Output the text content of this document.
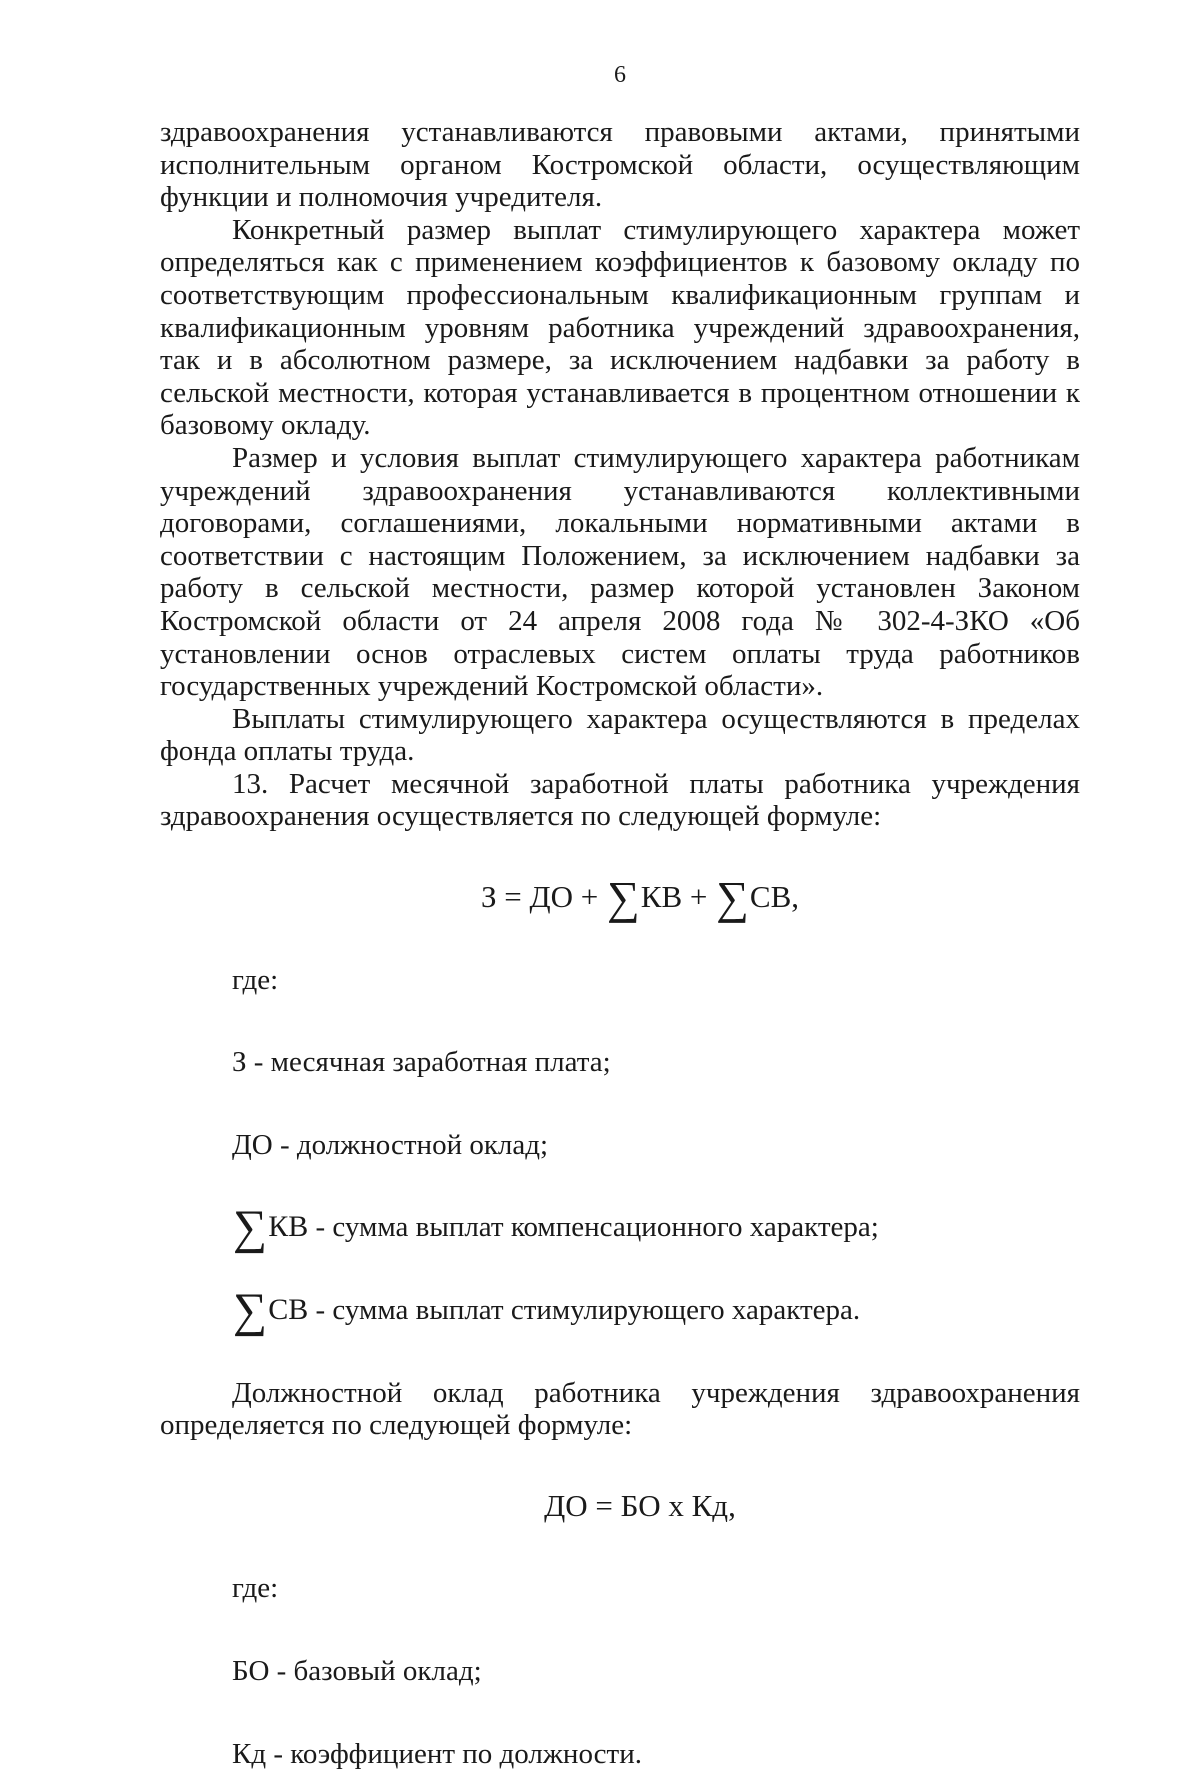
6

здравоохранения устанавливаются правовыми актами, принятыми исполнительным органом Костромской области, осуществляющим функции и полномочия учредителя.

Конкретный размер выплат стимулирующего характера может определяться как с применением коэффициентов к базовому окладу по соответствующим профессиональным квалификационным группам и квалификационным уровням работника учреждений здравоохранения, так и в абсолютном размере, за исключением надбавки за работу в сельской местности, которая устанавливается в процентном отношении к базовому окладу.

Размер и условия выплат стимулирующего характера работникам учреждений здравоохранения устанавливаются коллективными договорами, соглашениями, локальными нормативными актами в соответствии с настоящим Положением, за исключением надбавки за работу в сельской местности, размер которой установлен Законом Костромской области от 24 апреля 2008 года № 302-4-ЗКО «Об установлении основ отраслевых систем оплаты труда работников государственных учреждений Костромской области».

Выплаты стимулирующего характера осуществляются в пределах фонда оплаты труда.

13. Расчет месячной заработной платы работника учреждения здравоохранения осуществляется по следующей формуле:

З = ДО + ∑КВ + ∑СВ,

где:

З - месячная заработная плата;

ДО - должностной оклад;

∑КВ - сумма выплат компенсационного характера;

∑СВ - сумма выплат стимулирующего характера.

Должностной оклад работника учреждения здравоохранения определяется по следующей формуле:

ДО = БО х Кд,

где:

БО - базовый оклад;

Кд - коэффициент по должности.
